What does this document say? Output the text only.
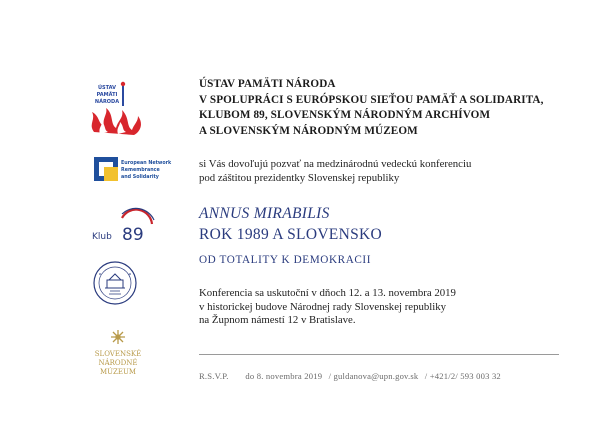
ÚSTAV
PAMÄTI
NÁRODA
European Network
Remembrance
and Solidarity
Klub 89
SLOVENSKÉ
NÁRODNÉ
MÚZEUM
ÚSTAV PAMÄTI NÁRODA
V SPOLUPRÁCI S EURÓPSKOU SIEŤOU PAMÄŤ A SOLIDARITA,
KLUBOM 89, SLOVENSKÝM NÁRODNÝM ARCHÍVOM
A SLOVENSKÝM NÁRODNÝM MÚZEOM
si Vás dovoľujú pozvať na medzinárodnú vedeckú konferenciu
pod záštitou prezidentky Slovenskej republiky
ANNUS MIRABILIS
ROK 1989 A SLOVENSKO
OD TOTALITY K DEMOKRACII
Konferencia sa uskutoční v dňoch 12. a 13. novembra 2019
v historickej budove Národnej rady Slovenskej republiky
na Župnom námestí 12 v Bratislave.
R.S.V.P. do 8. novembra 2019 / guldanova@upn.gov.sk / +421/2/ 593 003 32
